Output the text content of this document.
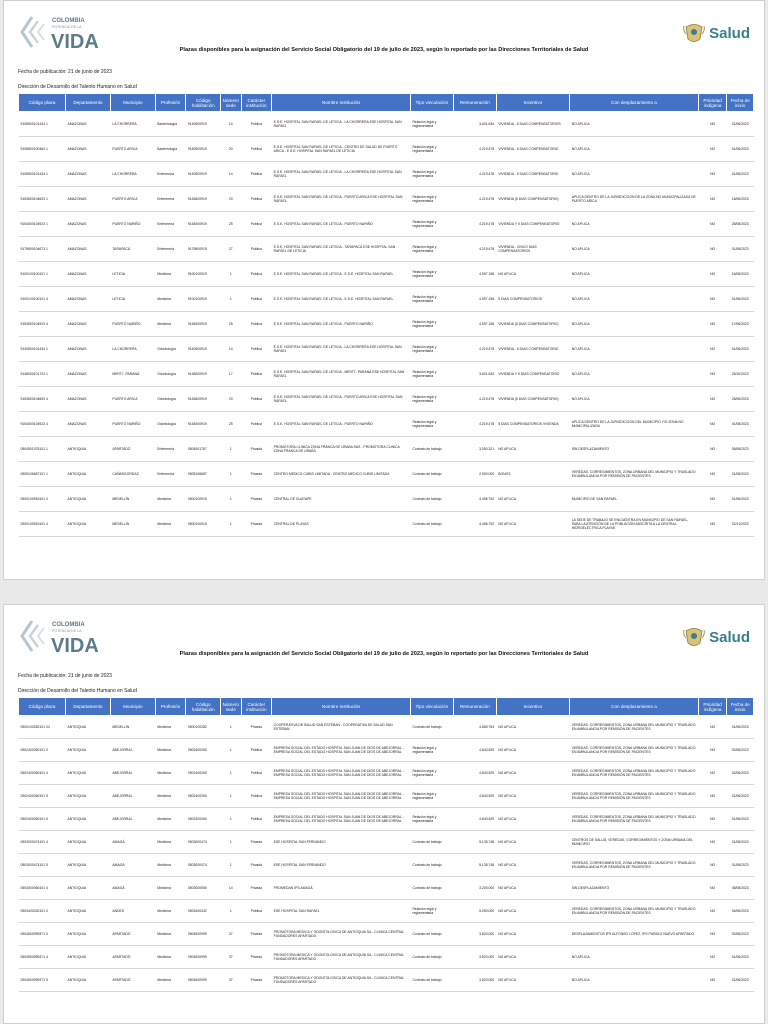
COLOMBIA
POTENCIA DE LA
VIDA	Salud
Plazas disponibles para la asignación del Servicio Social Obligatorio del 19 de julio de 2023, según lo reportado por las Direcciones Territoriales de Salud
Fecha de publicación: 21 de junio de 2023
Dirección de Desarrollo del Talento Humano en Salud
Código plaza	Departamento	Municipio	Profesión	Código habilitación	Número sede	Carácter institución	Nombre institución	Tipo vinculación	Remuneración	Incentivo	Con desplazamiento a	Prioridad indígena	Fecha de inicio
9108500101434 1	AMAZONAS	LA CHORRERA	Bacteriología	9140500919	14	Pública	E.S.E. HOSPITAL SAN RAFAEL DE LETICIA - LA CHORRERA ESE HOSPITAL SAN RAFAEL	Relación legal y reglamentaria	3.601.634	VIVIENDA - 5 DIAS COMPENSATORIOS	NO APLICA	NO	01/08/2023
9108500100464 1	AMAZONAS	PUERTO ARICA	Bacteriología	9150500919	20	Pública	E.S.E. HOSPITAL SAN RAFAEL DE LETICIA - CENTRO DE SALUD DE PUERTO ARICA - E.S.E. HOSPITAL SAN RAFAEL DE LETICIA	Relación legal y reglamentaria	4.219.478	VIVIENDA - 5 DIAS COMPENSATORIO	NO APLICA	NO	01/08/2023
9108500101434 1	AMAZONAS	LA CHORRERA	Enfermería	9140500919	14	Pública	E.S.E. HOSPITAL SAN RAFAEL DE LETICIA - LA CHORRERA ESE HOSPITAL SAN RAFAEL	Relación legal y reglamentaria	4.219.478	VIVIENDA - 5 DIAS COMPENSATORIO	NO APLICA	NO	01/08/2023
9153600104603 1	AMAZONAS	PUERTO ARICA	Enfermería	9153600919	20	Pública	E.S.E. HOSPITAL SAN RAFAEL DE LETICIA - PUERTO ARICA ESE HOSPITAL SAN RAFAEL	Relación legal y reglamentaria	4.219.478	VIVIENDA (5 DIAS COMPENSATORIO)	APLICA DENTRO DE LA JURISDICCION DE LA ZONA NO MUNICIPALIZADA DE PUERTO ARICA	NO	18/08/2023
9154500104923 1	AMAZONAS	PUERTO NARIÑO	Enfermería	9154500919	25	Pública	E.S.E. HOSPITAL SAN RAFAEL DE LETICIA - PUERTO NARIÑO	Relación legal y reglamentaria	4.219.478	VIVIENDA Y 5 DIAS COMPENSATORIO	NO APLICA	NO	28/08/2023
9179800104673 1	AMAZONAS	TARAPACÁ	Enfermería	9179800919	27	Pública	E.S.E. HOSPITAL SAN RAFAEL DE LETICIA - TARAPACÁ ESE HOSPITAL SAN RAFAEL DE LETICIA	Relación legal y reglamentaria	4.219.478	VIVIENDA - CINCO DIAS COMPENSATORIOS	NO APLICA	NO	01/08/2023
9100100100101 1	AMAZONAS	LETICIA	Medicina	9100100919	1	Pública	E.S.E. HOSPITAL SAN RAFAEL DE LETICIA - E.S.E. HOSPITAL SAN RAFAEL	Relación legal y reglamentaria	4.597.158	NO APLICA	NO APLICA	NO	16/08/2023
9100100100101 4	AMAZONAS	LETICIA	Medicina	9100100919	1	Pública	E.S.E. HOSPITAL SAN RAFAEL DE LETICIA - E.S.E. HOSPITAL SAN RAFAEL	Relación legal y reglamentaria	4.597.158	5 DIAS COMPENSATORIOS	NO APLICA	NO	01/08/2023
9154500104923 4	AMAZONAS	PUERTO NARIÑO	Medicina	9154500919	25	Pública	E.S.E. HOSPITAL SAN RAFAEL DE LETICIA - PUERTO NARIÑO	Relación legal y reglamentaria	4.597.158	VIVIENDA (5 DIAS COMPENSATORIO)	NO APLICA	NO	17/08/2023
9140500101434 1	AMAZONAS	LA CHORRERA	Odontología	9140500919	14	Pública	E.S.E. HOSPITAL SAN RAFAEL DE LETICIA - LA CHORRERA ESE HOSPITAL SAN RAFAEL	Relación legal y reglamentaria	4.219.478	VIVIENDA - 5 DIAS COMPENSATORIO	NO APLICA	NO	01/08/2023
9148000101724 1	AMAZONAS	MIRITÍ - PARANÁ	Odontología	9148000919	17	Pública	E.S.E. HOSPITAL SAN RAFAEL DE LETICIA - MIRITÍ - PARANÁ ESE HOSPITAL SAN RAFAEL	Relación legal y reglamentaria	3.601.634	VIVIENDA Y 5 DIAS COMPENSATORIO	NO APLICA	NO	25/10/2023
9153600104603 4	AMAZONAS	PUERTO ARICA	Odontología	9153600919	20	Pública	E.S.E. HOSPITAL SAN RAFAEL DE LETICIA - PUERTO ARICA ESE HOSPITAL SAN RAFAEL	Relación legal y reglamentaria	4.219.478	VIVIENDA (5 DIAS COMPENSATORIO)	NO APLICA	NO	28/08/2023
9154500104923 4	AMAZONAS	PUERTO NARIÑO	Odontología	9154500919	25	Pública	E.S.E. HOSPITAL SAN RAFAEL DE LETICIA - PUERTO NARIÑO	Relación legal y reglamentaria	4.219.478	5 DIAS COMPENSATORIOS VIVIENDA	APLICA DENTRO DE LA JURISDICCION DEL MUNICIPIO Y/O ZONA NO MUNICIPALIZADA	NO	01/08/2023
0504501078101 1	ANTIOQUIA	APARTADÓ	Enfermería	0504501787	1	Privada	PROMOTORA CLINICA ZONA FRANCA DE URABA SAS - PROMOTORA CLINICA ZONA FRANCA DE URABA	Contrato de trabajo	3.050.321	NO APLICA	SIN DESPLAZAMIENTO	NO	05/08/2023
0505106687101 1	ANTIOQUIA	CAÑASGORDAS	Enfermería	0505106687	1	Privada	CENTRO MEDICO CUBIS LIMITADA - CENTRO MEDICO CUBIS LIMITADA	Contrato de trabajo	2.900.000	BONOS	VEREDAS, CORREGIMIENTOS, ZONA URBANA DEL MUNICIPIO Y TRASLADO EN AMBULANCIA POR REMISIÓN DE PACIENTES	NO	01/08/2023
0500100915101 0	ANTIOQUIA	MEDELLÍN	Medicina	0500100915	1	Privada	CENTRAL DE GUATAPE	Contrato de trabajo	4.456.752	NO APLICA	MUNICIPIO DE SAN RAFAEL	NO	01/08/2023
0500100915101 4	ANTIOQUIA	MEDELLÍN	Medicina	0500100915	1	Privada	CENTRAL DE PLAYAS	Contrato de trabajo	4.456.752	NO APLICA	LA SEDE DE TRABAJO SE ENCUENTRA EN MUNICIPIO DE SAN RAFAEL, PARA LA ATENCIÓN DE LA POBLACIÓN ADSCRITA A LA CENTRAL HIDROELÉCTRICA PLAYAS	NO	02/11/2023
COLOMBIA
POTENCIA DE LA
VIDA	Salud
Plazas disponibles para la asignación del Servicio Social Obligatorio del 19 de julio de 2023, según lo reportado por las Direcciones Territoriales de Salud
Fecha de publicación: 21 de junio de 2023
Dirección de Desarrollo del Talento Humano en Salud
Código plaza	Departamento	Municipio	Profesión	Código habilitación	Número sede	Carácter institución	Nombre institución	Tipo vinculación	Remuneración	Incentivo	Con desplazamiento a	Prioridad indígena	Fecha de inicio
0500100282101 04	ANTIOQUIA	MEDELLÍN	Medicina	0500100282	1	Privada	COOPERATIVA DE SALUD SAN ESTEBAN - COOPERATIVA DE SALUD SAN ESTEBAN	Contrato de trabajo	4.885.763	NO APLICA	VEREDAS, CORREGIMIENTOS, ZONA URBANA DEL MUNICIPIO Y TRASLADO EN AMBULANCIA POR REMISIÓN DE PACIENTES	NO	01/08/2023
0502400260101 0	ANTIOQUIA	ABEJORRAL	Medicina	0502400260	1	Pública	EMPRESA SOCIAL DEL ESTADO HOSPITAL SAN JUAN DE DIOS DE ABEJORRAL - EMPRESA SOCIAL DEL ESTADO HOSPITAL SAN JUAN DE DIOS DE ABEJORRAL	Relación legal y reglamentaria	4.843.529	NO APLICA	VEREDAS, CORREGIMIENTOS, ZONA URBANA DEL MUNICIPIO Y TRASLADO EN AMBULANCIA POR REMISIÓN DE PACIENTES	NO	02/08/2023
0502400260101 4	ANTIOQUIA	ABEJORRAL	Medicina	0502400260	1	Pública	EMPRESA SOCIAL DEL ESTADO HOSPITAL SAN JUAN DE DIOS DE ABEJORRAL - EMPRESA SOCIAL DEL ESTADO HOSPITAL SAN JUAN DE DIOS DE ABEJORRAL	Relación legal y reglamentaria	4.843.529	NO APLICA	VEREDAS, CORREGIMIENTOS, ZONA URBANA DEL MUNICIPIO Y TRASLADO EN AMBULANCIA POR REMISIÓN DE PACIENTES	NO	02/08/2023
0502400260101 5	ANTIOQUIA	ABEJORRAL	Medicina	0502400260	1	Pública	EMPRESA SOCIAL DEL ESTADO HOSPITAL SAN JUAN DE DIOS DE ABEJORRAL - EMPRESA SOCIAL DEL ESTADO HOSPITAL SAN JUAN DE DIOS DE ABEJORRAL	Relación legal y reglamentaria	4.843.529	NO APLICA	VEREDAS, CORREGIMIENTOS, ZONA URBANA DEL MUNICIPIO Y TRASLADO EN AMBULANCIA POR REMISIÓN DE PACIENTES	NO	01/08/2023
0502400260101 6	ANTIOQUIA	ABEJORRAL	Medicina	0502400260	1	Pública	EMPRESA SOCIAL DEL ESTADO HOSPITAL SAN JUAN DE DIOS DE ABEJORRAL - EMPRESA SOCIAL DEL ESTADO HOSPITAL SAN JUAN DE DIOS DE ABEJORRAL	Relación legal y reglamentaria	4.843.529	NO APLICA	VEREDAS, CORREGIMIENTOS, ZONA URBANA DEL MUNICIPIO Y TRASLADO EN AMBULANCIA POR REMISIÓN DE PACIENTES	NO	01/08/2023
0503000474101 4	ANTIOQUIA	AMAGÁ	Medicina	0503000474	1	Privada	ESE HOSPITAL SAN FERNANDO	Contrato de trabajo	5.135.748	NO APLICA	CENTROS DE SALUD, VEREDAS, CORREGIMIENTOS Y ZONA URBANA DEL MUNICIPIO	NO	01/08/2023
0503000474101 5	ANTIOQUIA	AMAGÁ	Medicina	0503000474	1	Privada	ESE HOSPITAL SAN FERNANDO	Contrato de trabajo	5.135.748	NO APLICA	VEREDAS, CORREGIMIENTOS, ZONA URBANA DEL MUNICIPIO Y TRASLADO EN AMBULANCIA POR REMISIÓN DE PACIENTES	NO	01/08/2023
0503000050101 4	ANTIOQUIA	AMAGÁ	Medicina	0503000050	14	Privada	PROMEDAN IPS AMAGÁ	Contrato de trabajo	3.200.000	NO APLICA	SIN DESPLAZAMIENTO	NO	08/08/2023
0503400432101 0	ANTIOQUIA	ANDES	Medicina	0503400432	1	Pública	ESE HOSPITAL SAN RAFAEL	Relación legal y reglamentaria	5.250.000	NO APLICA	VEREDAS, CORREGIMIENTOS, ZONA URBANA DEL MUNICIPIO Y TRASLADO EN AMBULANCIA POR REMISIÓN DE PACIENTES	NO	04/08/2023
0504500999371 0	ANTIOQUIA	APARTADÓ	Medicina	0504500999	37	Privada	PROMOTORA MEDICA Y ODONTOLOGICA DE ANTIOQUIA SA - CLINICA CENTRAL FUNDADORES APARTADO	Contrato de trabajo	3.820.000	NO APLICA	DESPLAZAMIENTOS IPS ALFONSO LOPEZ, IPS PUEBLO NUEVO APARTADO	NO	02/08/2023
0504500999371 4	ANTIOQUIA	APARTADÓ	Medicina	0504500999	37	Privada	PROMOTORA MEDICA Y ODONTOLOGICA DE ANTIOQUIA SA - CLINICA CENTRAL FUNDADORES APARTADO	Contrato de trabajo	3.820.000	NO APLICA	NO APLICA	NO	01/08/2023
0504500999371 5	ANTIOQUIA	APARTADÓ	Medicina	0504500999	37	Privada	PROMOTORA MEDICA Y ODONTOLOGICA DE ANTIOQUIA SA - CLINICA CENTRAL FUNDADORES APARTADO	Contrato de trabajo	3.820.000	NO APLICA	NO APLICA	NO	01/08/2023
